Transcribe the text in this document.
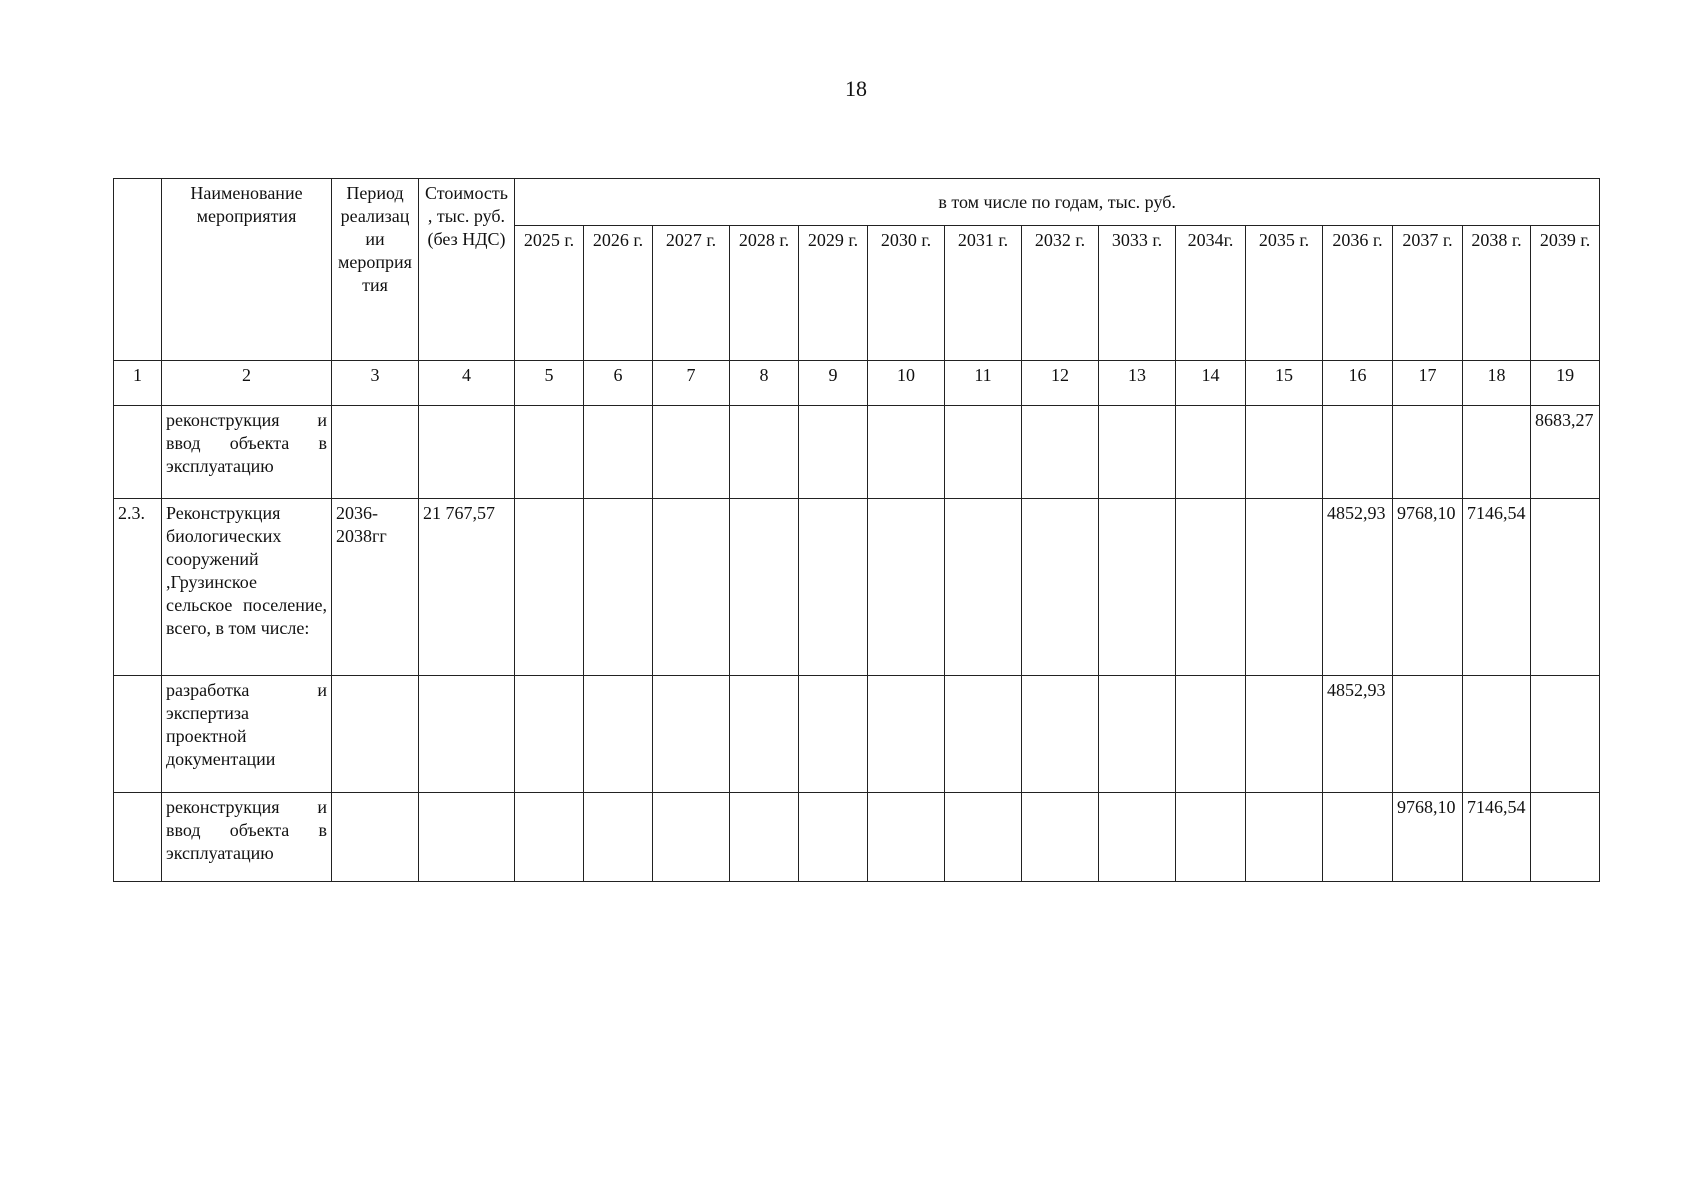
18
	Наименование мероприятия	Период реализации мероприятия	Стоимость, тыс. руб. (без НДС)	в том числе по годам, тыс. руб.														
				2025 г.	2026 г.	2027 г.	2028 г.	2029 г.	2030 г.	2031 г.	2032 г.	3033 г.	2034г.	2035 г.	2036 г.	2037 г.	2038 г.	2039 г.
1	2	3	4	5	6	7	8	9	10	11	12	13	14	15	16	17	18	19
	реконструкция и ввод объекта в эксплуатацию																	8683,27
2.3.	Реконструкция биологических сооружений ,Грузинское сельское поселение, всего, в том числе:	2036-2038гг	21 767,57												4852,93	9768,10	7146,54	
	разработка и экспертиза проектной документации														4852,93			
	реконструкция и ввод объекта в эксплуатацию															9768,10	7146,54	
